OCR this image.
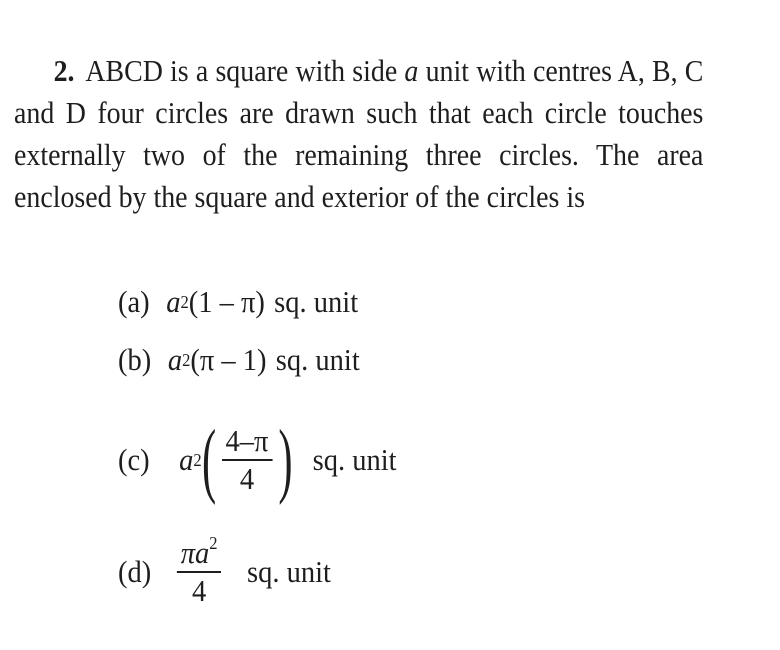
2. ABCD is a square with side a unit with centres A, B, C and D four circles are drawn such that each circle touches externally two of the remaining three circles. The area enclosed by the square and exterior of the circles is
(a) a 2 (1 – π) sq. unit
(b) a 2 (π – 1) sq. unit
(c) a 2 ( $\frac{4-\pi}{4}$ ) sq. unit
$(d) \frac{\pi a^2}{4}$ sq. unit
